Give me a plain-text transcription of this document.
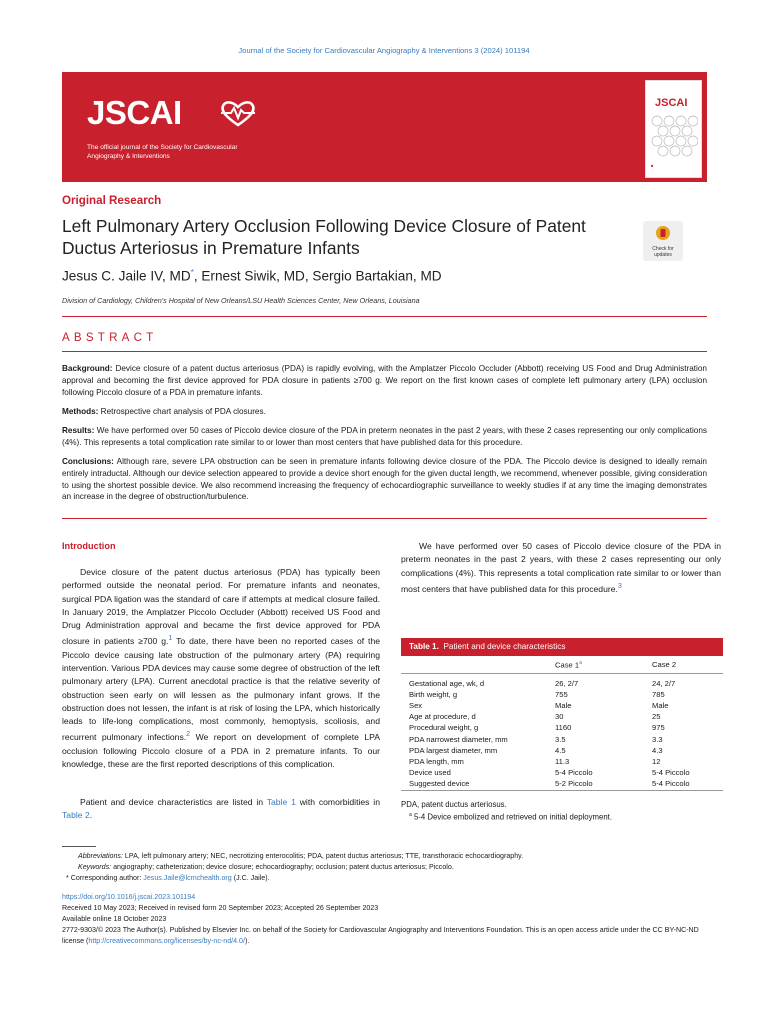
Journal of the Society for Cardiovascular Angiography & Interventions 3 (2024) 101194
JSCAI
The official journal of the Society for Cardiovascular Angiography & Interventions
JSCAI
■
Original Research
Left Pulmonary Artery Occlusion Following Device Closure of Patent Ductus Arteriosus in Premature Infants	Check for updates
Jesus C. Jaile IV, MD*, Ernest Siwik, MD, Sergio Bartakian, MD
Division of Cardiology, Children's Hospital of New Orleans/LSU Health Sciences Center, New Orleans, Louisiana
ABSTRACT
Background: Device closure of a patent ductus arteriosus (PDA) is rapidly evolving, with the Amplatzer Piccolo Occluder (Abbott) receiving US Food and Drug Administration approval and becoming the first device approved for PDA closure in patients ≥700 g. We report on the first known cases of complete left pulmonary artery (LPA) occlusion following Piccolo closure of a PDA in premature infants.
Methods: Retrospective chart analysis of PDA closures.
Results: We have performed over 50 cases of Piccolo device closure of the PDA in preterm neonates in the past 2 years, with these 2 cases representing our only complications (4%). This represents a total complication rate similar to or lower than most centers that have published data for this procedure.
Conclusions: Although rare, severe LPA obstruction can be seen in premature infants following device closure of the PDA. The Piccolo device is designed to ideally remain entirely intraductal. Although our device selection appeared to provide a device short enough for the given ductal length, we recommend, whenever possible, giving consideration to using the shortest possible device. We also recommend increasing the frequency of echocardiographic surveillance to weekly studies if at any time the imaging demonstrates an increase in the degree of obstruction/turbulence.
Introduction
Device closure of the patent ductus arteriosus (PDA) has typically been performed outside the neonatal period. For premature infants and neonates, surgical PDA ligation was the standard of care if attempts at medical closure failed. In January 2019, the Amplatzer Piccolo Occluder (Abbott) received US Food and Drug Administration approval and became the first device approved for PDA closure in patients ≥700 g.$^1$ To date, there have been no reported cases of the Piccolo device causing late obstruction of the pulmonary artery (PA) requiring intervention. Various PDA devices may cause some degree of obstruction of the left pulmonary artery (LPA). Current anecdotal practice is that the relative severity of obstruction seen early on will lessen as the pulmonary infant grows. If the obstruction does not lessen, the infant is at risk of losing the LPA, which historically leads to life-long complications, most commonly, hemoptysis, scoliosis, and recurrent pulmonary infections.$^2$ We report on development of complete LPA occlusion following Piccolo closure of a PDA in 2 premature infants. To our knowledge, these are the first reported descriptions of this complication.
Patient and device characteristics are listed in Table 1 with comorbidities in Table 2.
We have performed over 50 cases of Piccolo device closure of the PDA in preterm neonates in the past 2 years, with these 2 cases representing our only complications (4%). This represents a total complication rate similar to or lower than most centers that have published data for this procedure.$^3$
Table 1. Patient and device characteristics
	Case 1$^a$	Case 2
Gestational age, wk, d	26, 2/7	24, 2/7
Birth weight, g	755	785
Sex	Male	Male
Age at procedure, d	30	25
Procedural weight, g	1160	975
PDA narrowest diameter, mm	3.5	3.3
PDA largest diameter, mm	4.5	4.3
PDA length, mm	11.3	12
Device used	5-4 Piccolo	5-4 Piccolo
Suggested device	5-2 Piccolo	5-4 Piccolo
PDA, patent ductus arteriosus.
$^a$ 5-4 Device embolized and retrieved on initial deployment.
Abbreviations: LPA, left pulmonary artery; NEC, necrotizing enterocolitis; PDA, patent ductus arteriosus; TTE, transthoracic echocardiography.
Keywords: angiography; catheterization; device closure; echocardiography; occlusion; patent ductus arteriosus; Piccolo.
* Corresponding author: Jesus.Jaile@lcmchealth.org (J.C. Jaile).
https://doi.org/10.1016/j.jscai.2023.101194
Received 10 May 2023; Received in revised form 20 September 2023; Accepted 26 September 2023
Available online 18 October 2023
2772-9303/© 2023 The Author(s). Published by Elsevier Inc. on behalf of the Society for Cardiovascular Angiography and Interventions Foundation. This is an open access article under the CC BY-NC-ND license (http://creativecommons.org/licenses/by-nc-nd/4.0/).
